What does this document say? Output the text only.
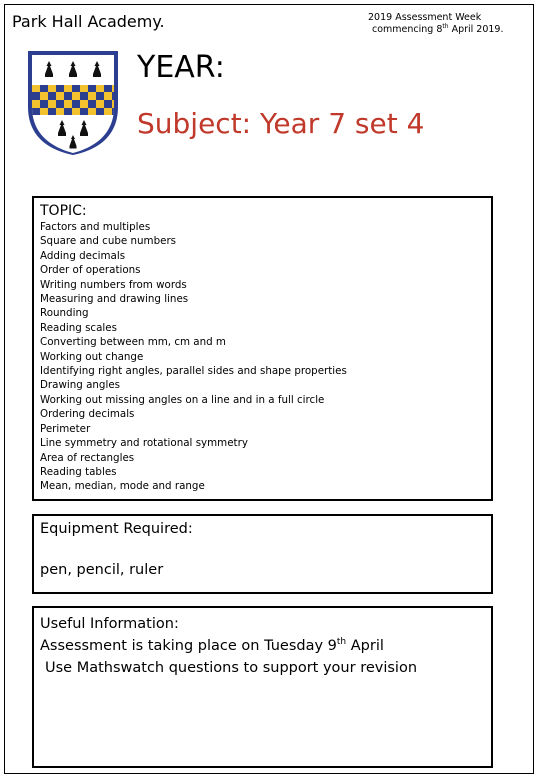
Park Hall Academy.	2019 Assessment Week
commencing 8th April 2019.
YEAR:
Subject: Year 7 set 4
TOPIC:
Factors and multiples
Square and cube numbers
Adding decimals
Order of operations
Writing numbers from words
Measuring and drawing lines
Rounding
Reading scales
Converting between mm, cm and m
Working out change
Identifying right angles, parallel sides and shape properties
Drawing angles
Working out missing angles on a line and in a full circle
Ordering decimals
Perimeter
Line symmetry and rotational symmetry
Area of rectangles
Reading tables
Mean, median, mode and range
Equipment Required:
pen, pencil, ruler
Useful Information:
Assessment is taking place on Tuesday 9th April
Use Mathswatch questions to support your revision
